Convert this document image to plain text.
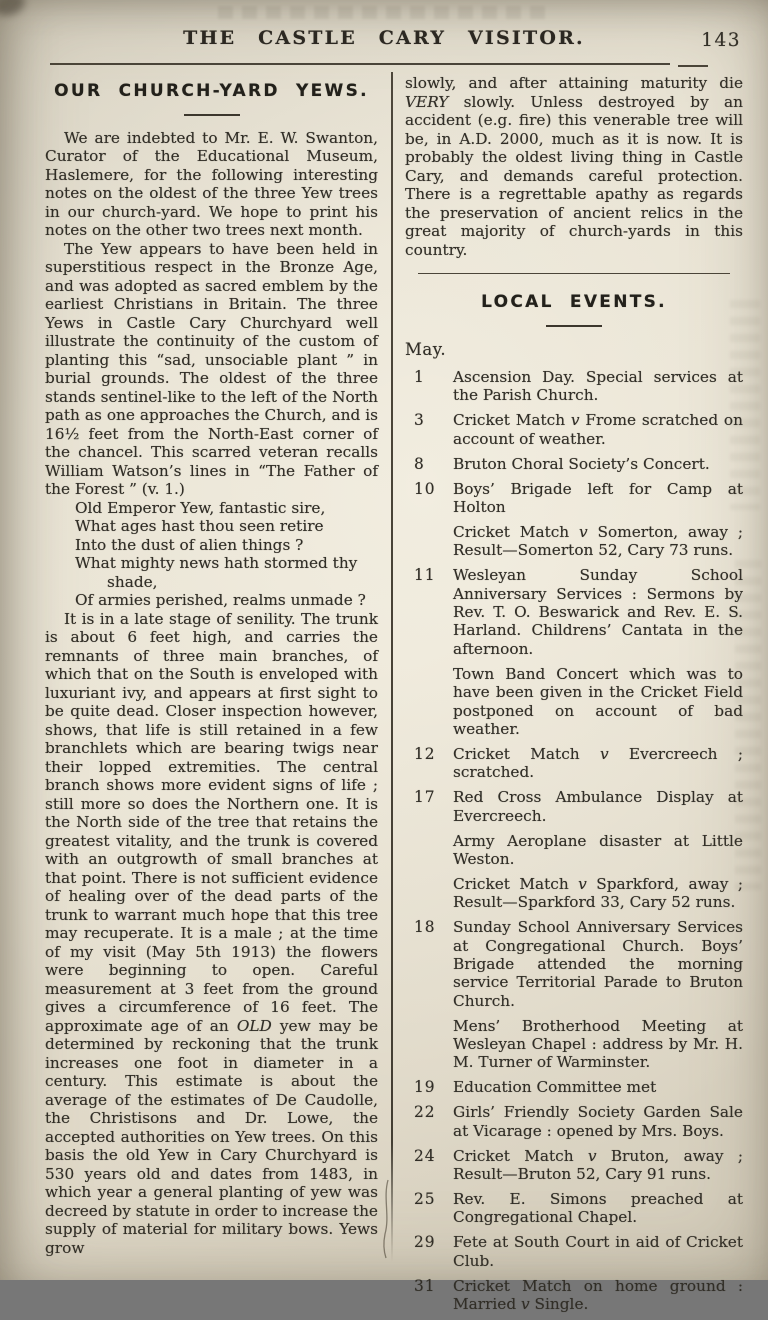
THE CASTLE CARY VISITOR.	143
OUR CHURCH-YARD YEWS.

We are indebted to Mr. E. W. Swanton, Curator of the Educational Museum, Haslemere, for the following interesting notes on the oldest of the three Yew trees in our church-yard. We hope to print his notes on the other two trees next month.

The Yew appears to have been held in superstitious respect in the Bronze Age, and was adopted as sacred emblem by the earliest Christians in Britain. The three Yews in Castle Cary Churchyard well illustrate the continuity of the custom of planting this “sad, unsociable plant ” in burial grounds. The oldest of the three stands sentinel-like to the left of the North path as one approaches the Church, and is 16½ feet from the North-East corner of the chancel. This scarred veteran recalls William Watson’s lines in “The Father of the Forest ” (v. 1.)

Old Emperor Yew, fantastic sire,

What ages hast thou seen retire

Into the dust of alien things ?

What mighty news hath stormed thy shade,

Of armies perished, realms unmade ?

It is in a late stage of senility. The trunk is about 6 feet high, and carries the remnants of three main branches, of which that on the South is enveloped with luxuriant ivy, and appears at first sight to be quite dead. Closer inspection however, shows, that life is still retained in a few branchlets which are bearing twigs near their lopped extremities. The central branch shows more evident signs of life ; still more so does the Northern one. It is the North side of the tree that retains the greatest vitality, and the trunk is covered with an outgrowth of small branches at that point. There is not sufficient evidence of healing over of the dead parts of the trunk to warrant much hope that this tree may recuperate. It is a male ; at the time of my visit (May 5th 1913) the flowers were beginning to open. Careful measurement at 3 feet from the ground gives a circumference of 16 feet. The approximate age of an OLD yew may be determined by reckoning that the trunk increases one foot in diameter in a century. This estimate is about the average of the estimates of De Caudolle, the Christisons and Dr. Lowe, the accepted authorities on Yew trees. On this basis the old Yew in Cary Churchyard is 530 years old and dates from 1483, in which year a general planting of yew was decreed by statute in order to increase the supply of material for military bows. Yews grow

slowly, and after attaining maturity die VERY slowly. Unless destroyed by an accident (e.g. fire) this venerable tree will be, in A.D. 2000, much as it is now. It is probably the oldest living thing in Castle Cary, and demands careful protection. There is a regrettable apathy as regards the preservation of ancient relics in the great majority of church-yards in this country.

LOCAL EVENTS.

May.

1	Ascension Day. Special services at the Parish Church.

3	Cricket Match v Frome scratched on account of weather.

8	Bruton Choral Society’s Concert.

10	Boys’ Brigade left for Camp at Holton

Cricket Match v Somerton, away ; Result—Somerton 52, Cary 73 runs.

11	Wesleyan Sunday School Anniversary Services : Sermons by Rev. T. O. Beswarick and Rev. E. S. Harland. Childrens’ Cantata in the afternoon.

Town Band Concert which was to have been given in the Cricket Field postponed on account of bad weather.

12	Cricket Match v Evercreech ; scratched.

17	Red Cross Ambulance Display at Evercreech.

Army Aeroplane disaster at Little Weston.

Cricket Match v Sparkford, away ; Result—Sparkford 33, Cary 52 runs.

18	Sunday School Anniversary Services at Congregational Church. Boys’ Brigade attended the morning service Territorial Parade to Bruton Church.

Mens’ Brotherhood Meeting at Wesleyan Chapel : address by Mr. H. M. Turner of Warminster.

19	Education Committee met

22	Girls’ Friendly Society Garden Sale at Vicarage : opened by Mrs. Boys.

24	Cricket Match v Bruton, away ; Result—Bruton 52, Cary 91 runs.

25	Rev. E. Simons preached at Congregational Chapel.

29	Fete at South Court in aid of Cricket Club.

31	Cricket Match on home ground : Married v Single.
